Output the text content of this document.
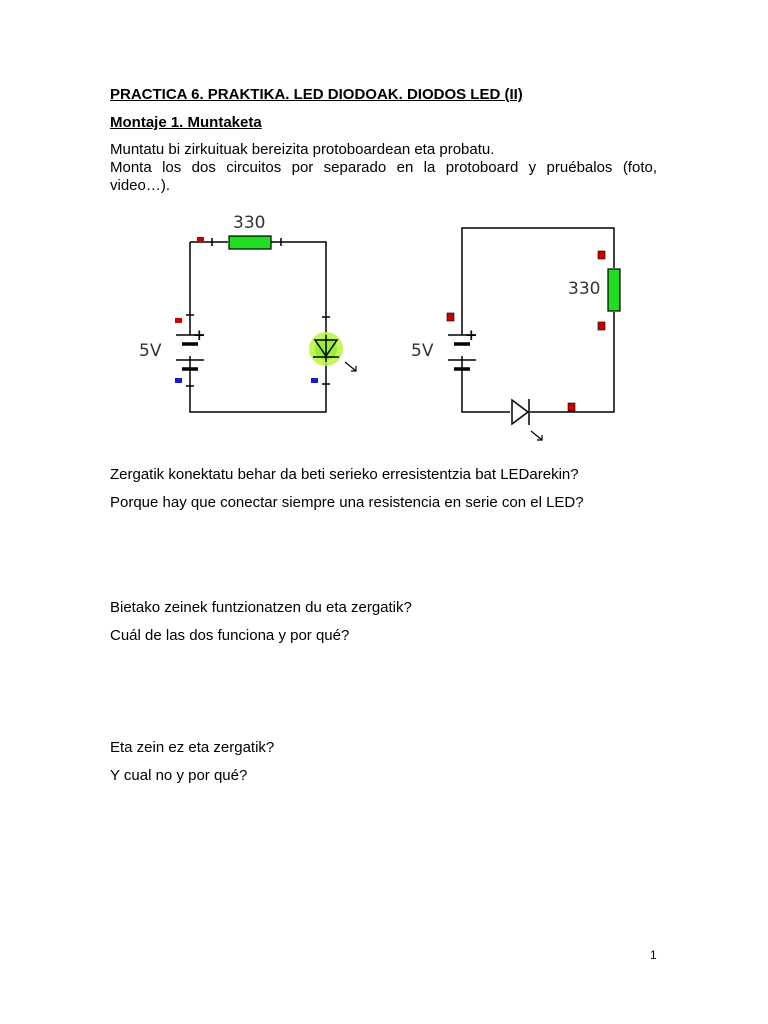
PRACTICA 6. PRAKTIKA. LED DIODOAK. DIODOS LED (II)
Montaje 1. Muntaketa
Muntatu bi zirkuituak bereizita protoboardean eta probatu.
Monta los dos circuitos por separado en la protoboard y pruébalos (foto,
video…).
330
5V
+
330
5V
+
Zergatik konektatu behar da beti serieko erresistentzia bat LEDarekin?
Porque hay que conectar siempre una resistencia en serie con el LED?
Bietako zeinek funtzionatzen du eta zergatik?
Cuál de las dos funciona y por qué?
Eta zein ez eta zergatik?
Y cual no y por qué?
1
